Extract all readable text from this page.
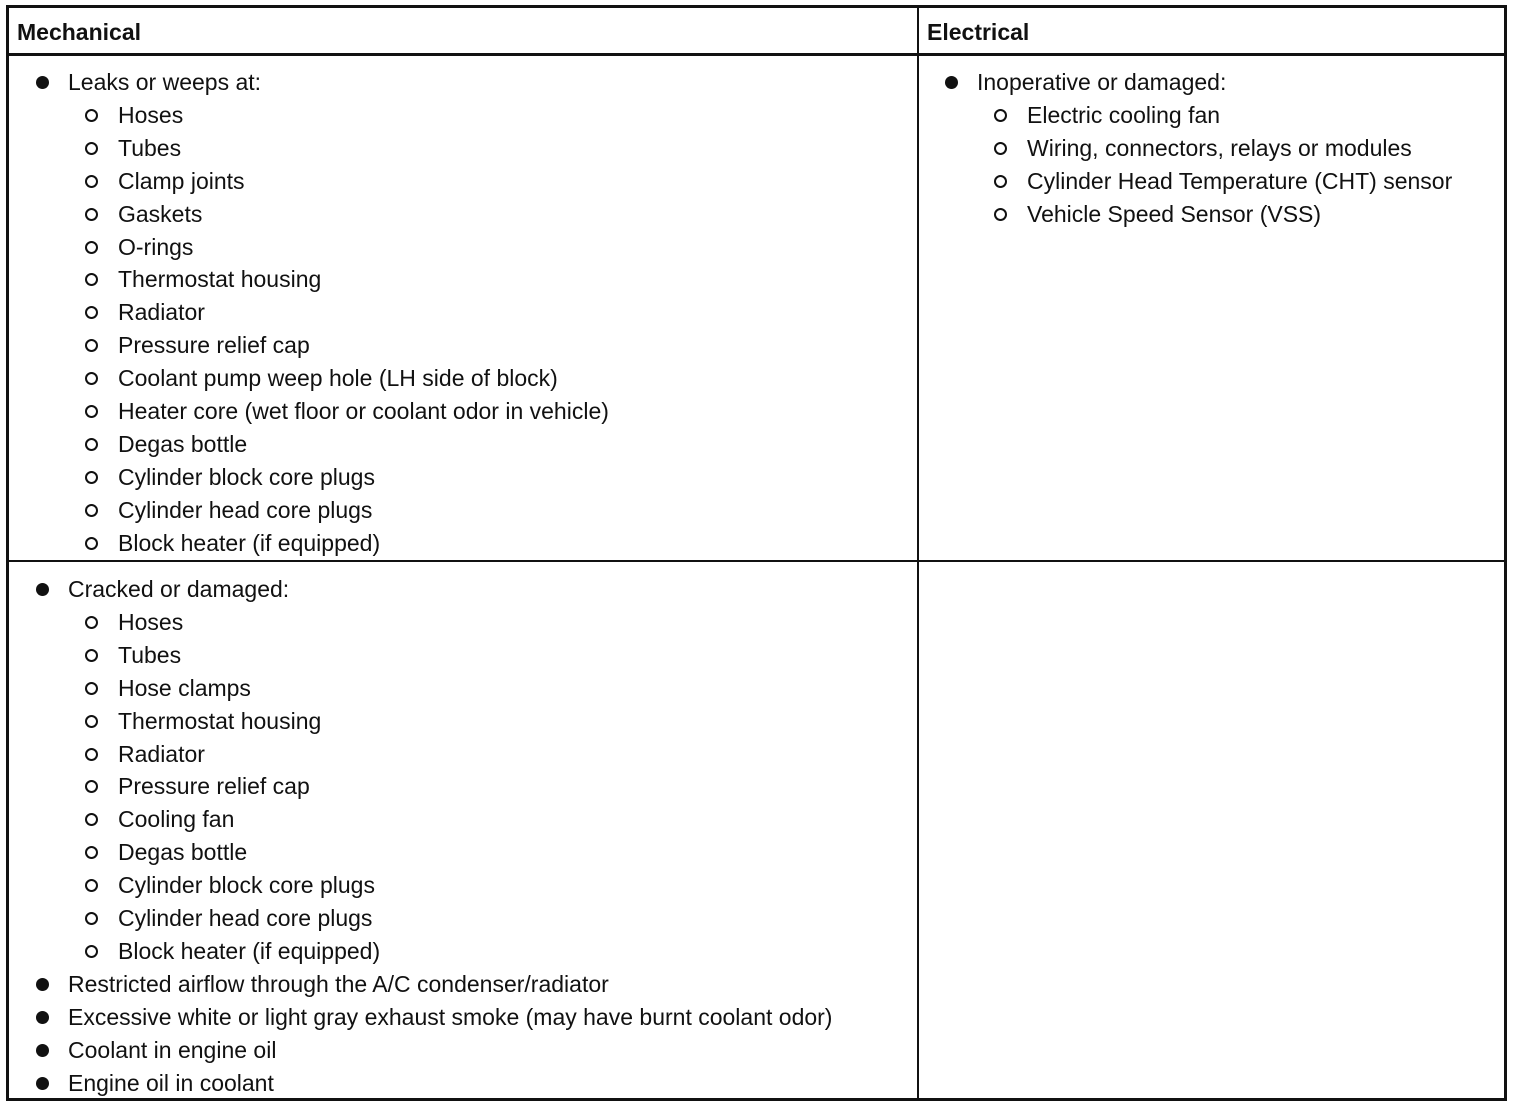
Mechanical	Electrical
Leaks or weeps at:
Hoses
Tubes
Clamp joints
Gaskets
O-rings
Thermostat housing
Radiator
Pressure relief cap
Coolant pump weep hole (LH side of block)
Heater core (wet floor or coolant odor in vehicle)
Degas bottle
Cylinder block core plugs
Cylinder head core plugs
Block heater (if equipped)
Inoperative or damaged:
Electric cooling fan
Wiring, connectors, relays or modules
Cylinder Head Temperature (CHT) sensor
Vehicle Speed Sensor (VSS)
Cracked or damaged:
Hoses
Tubes
Hose clamps
Thermostat housing
Radiator
Pressure relief cap
Cooling fan
Degas bottle
Cylinder block core plugs
Cylinder head core plugs
Block heater (if equipped)
Restricted airflow through the A/C condenser/radiator
Excessive white or light gray exhaust smoke (may have burnt coolant odor)
Coolant in engine oil
Engine oil in coolant
